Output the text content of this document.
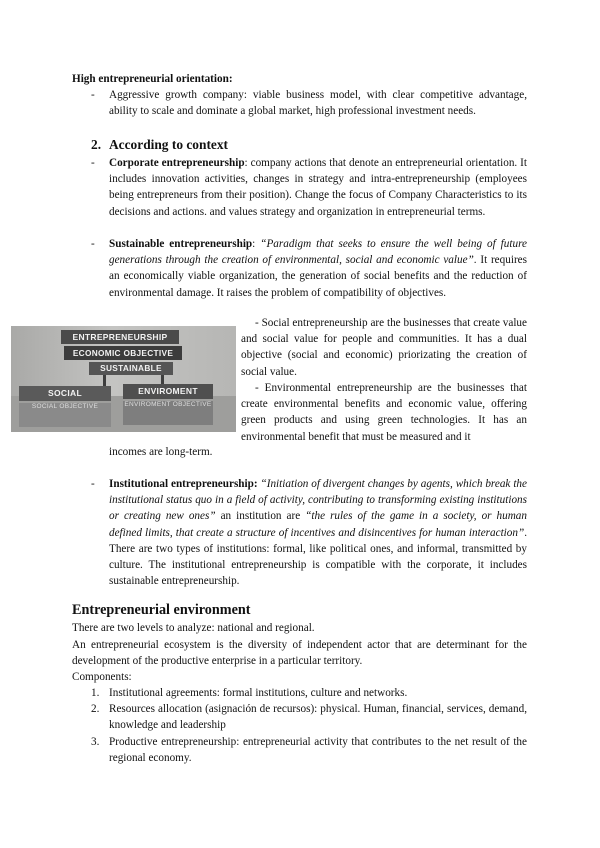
High entrepreneurial orientation:
- Aggressive growth company: viable business model, with clear competitive advantage, ability to scale and dominate a global market, high professional investment needs.
2. According to context
- Corporate entrepreneurship: company actions that denote an entrepreneurial orientation. It includes innovation activities, changes in strategy and intra-entrepreneurship (employees being entrepreneurs from their position). Change the focus of Company Characteristics to its decisions and actions. and values strategy and organization in entrepreneurial terms.
- Sustainable entrepreneurship: “Paradigm that seeks to ensure the well being of future generations through the creation of environmental, social and economic value”. It requires an economically viable organization, the generation of social benefits and the reduction of environmental damage. It raises the problem of compatibility of objectives.
ENTREPRENEURSHIP
ECONOMIC OBJECTIVE
SUSTAINABLE
SOCIAL	ENVIROMENT
SOCIAL OBJECTIVE	ENVIROMENT OBJECTIVE
- Social entrepreneurship are the businesses that create value and social value for people and communities. It has a dual objective (social and economic) priorizating the creation of social value.
- Environmental entrepreneurship are the businesses that create environmental benefits and economic value, offering green products and using green technologies. It has an environmental benefit that must be measured and it
incomes are long-term.
- Institutional entrepreneurship: “Initiation of divergent changes by agents, which break the institutional status quo in a field of activity, contributing to transforming existing institutions or creating new ones” an institution are “the rules of the game in a society, or human defined limits, that create a structure of incentives and disincentives for human interaction”. There are two types of institutions: formal, like political ones, and informal, transmitted by culture. The institutional entrepreneurship is compatible with the corporate, it includes sustainable entrepreneurship.
Entrepreneurial environment
There are two levels to analyze: national and regional.
An entrepreneurial ecosystem is the diversity of independent actor that are determinant for the development of the productive enterprise in a particular territory.
Components:
1. Institutional agreements: formal institutions, culture and networks.
2. Resources allocation (asignación de recursos): physical. Human, financial, services, demand, knowledge and leadership
3. Productive entrepreneurship: entrepreneurial activity that contributes to the net result of the regional economy.
